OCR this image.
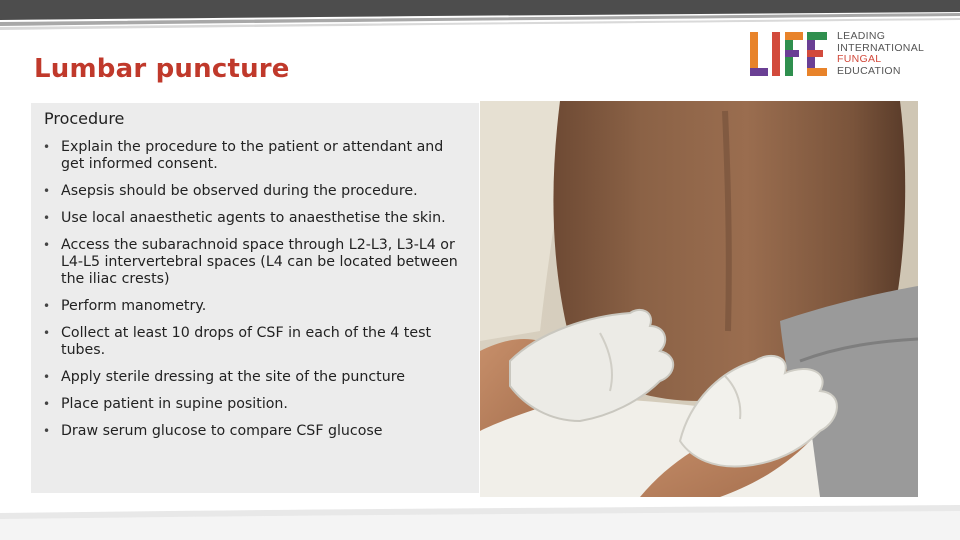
Lumbar puncture
LEADING
INTERNATIONAL
FUNGAL
EDUCATION
Procedure
• Explain the procedure to the patient or attendant and get informed consent.
• Asepsis should be observed during the procedure.
• Use local anaesthetic agents to anaesthetise the skin.
• Access the subarachnoid space through L2-L3, L3-L4 or L4-L5 intervertebral spaces (L4 can be located between the iliac crests)
• Perform manometry.
• Collect at least 10 drops of CSF in each of the 4 test tubes.
• Apply sterile dressing at the site of the puncture
• Place patient in supine position.
• Draw serum glucose to compare CSF glucose
